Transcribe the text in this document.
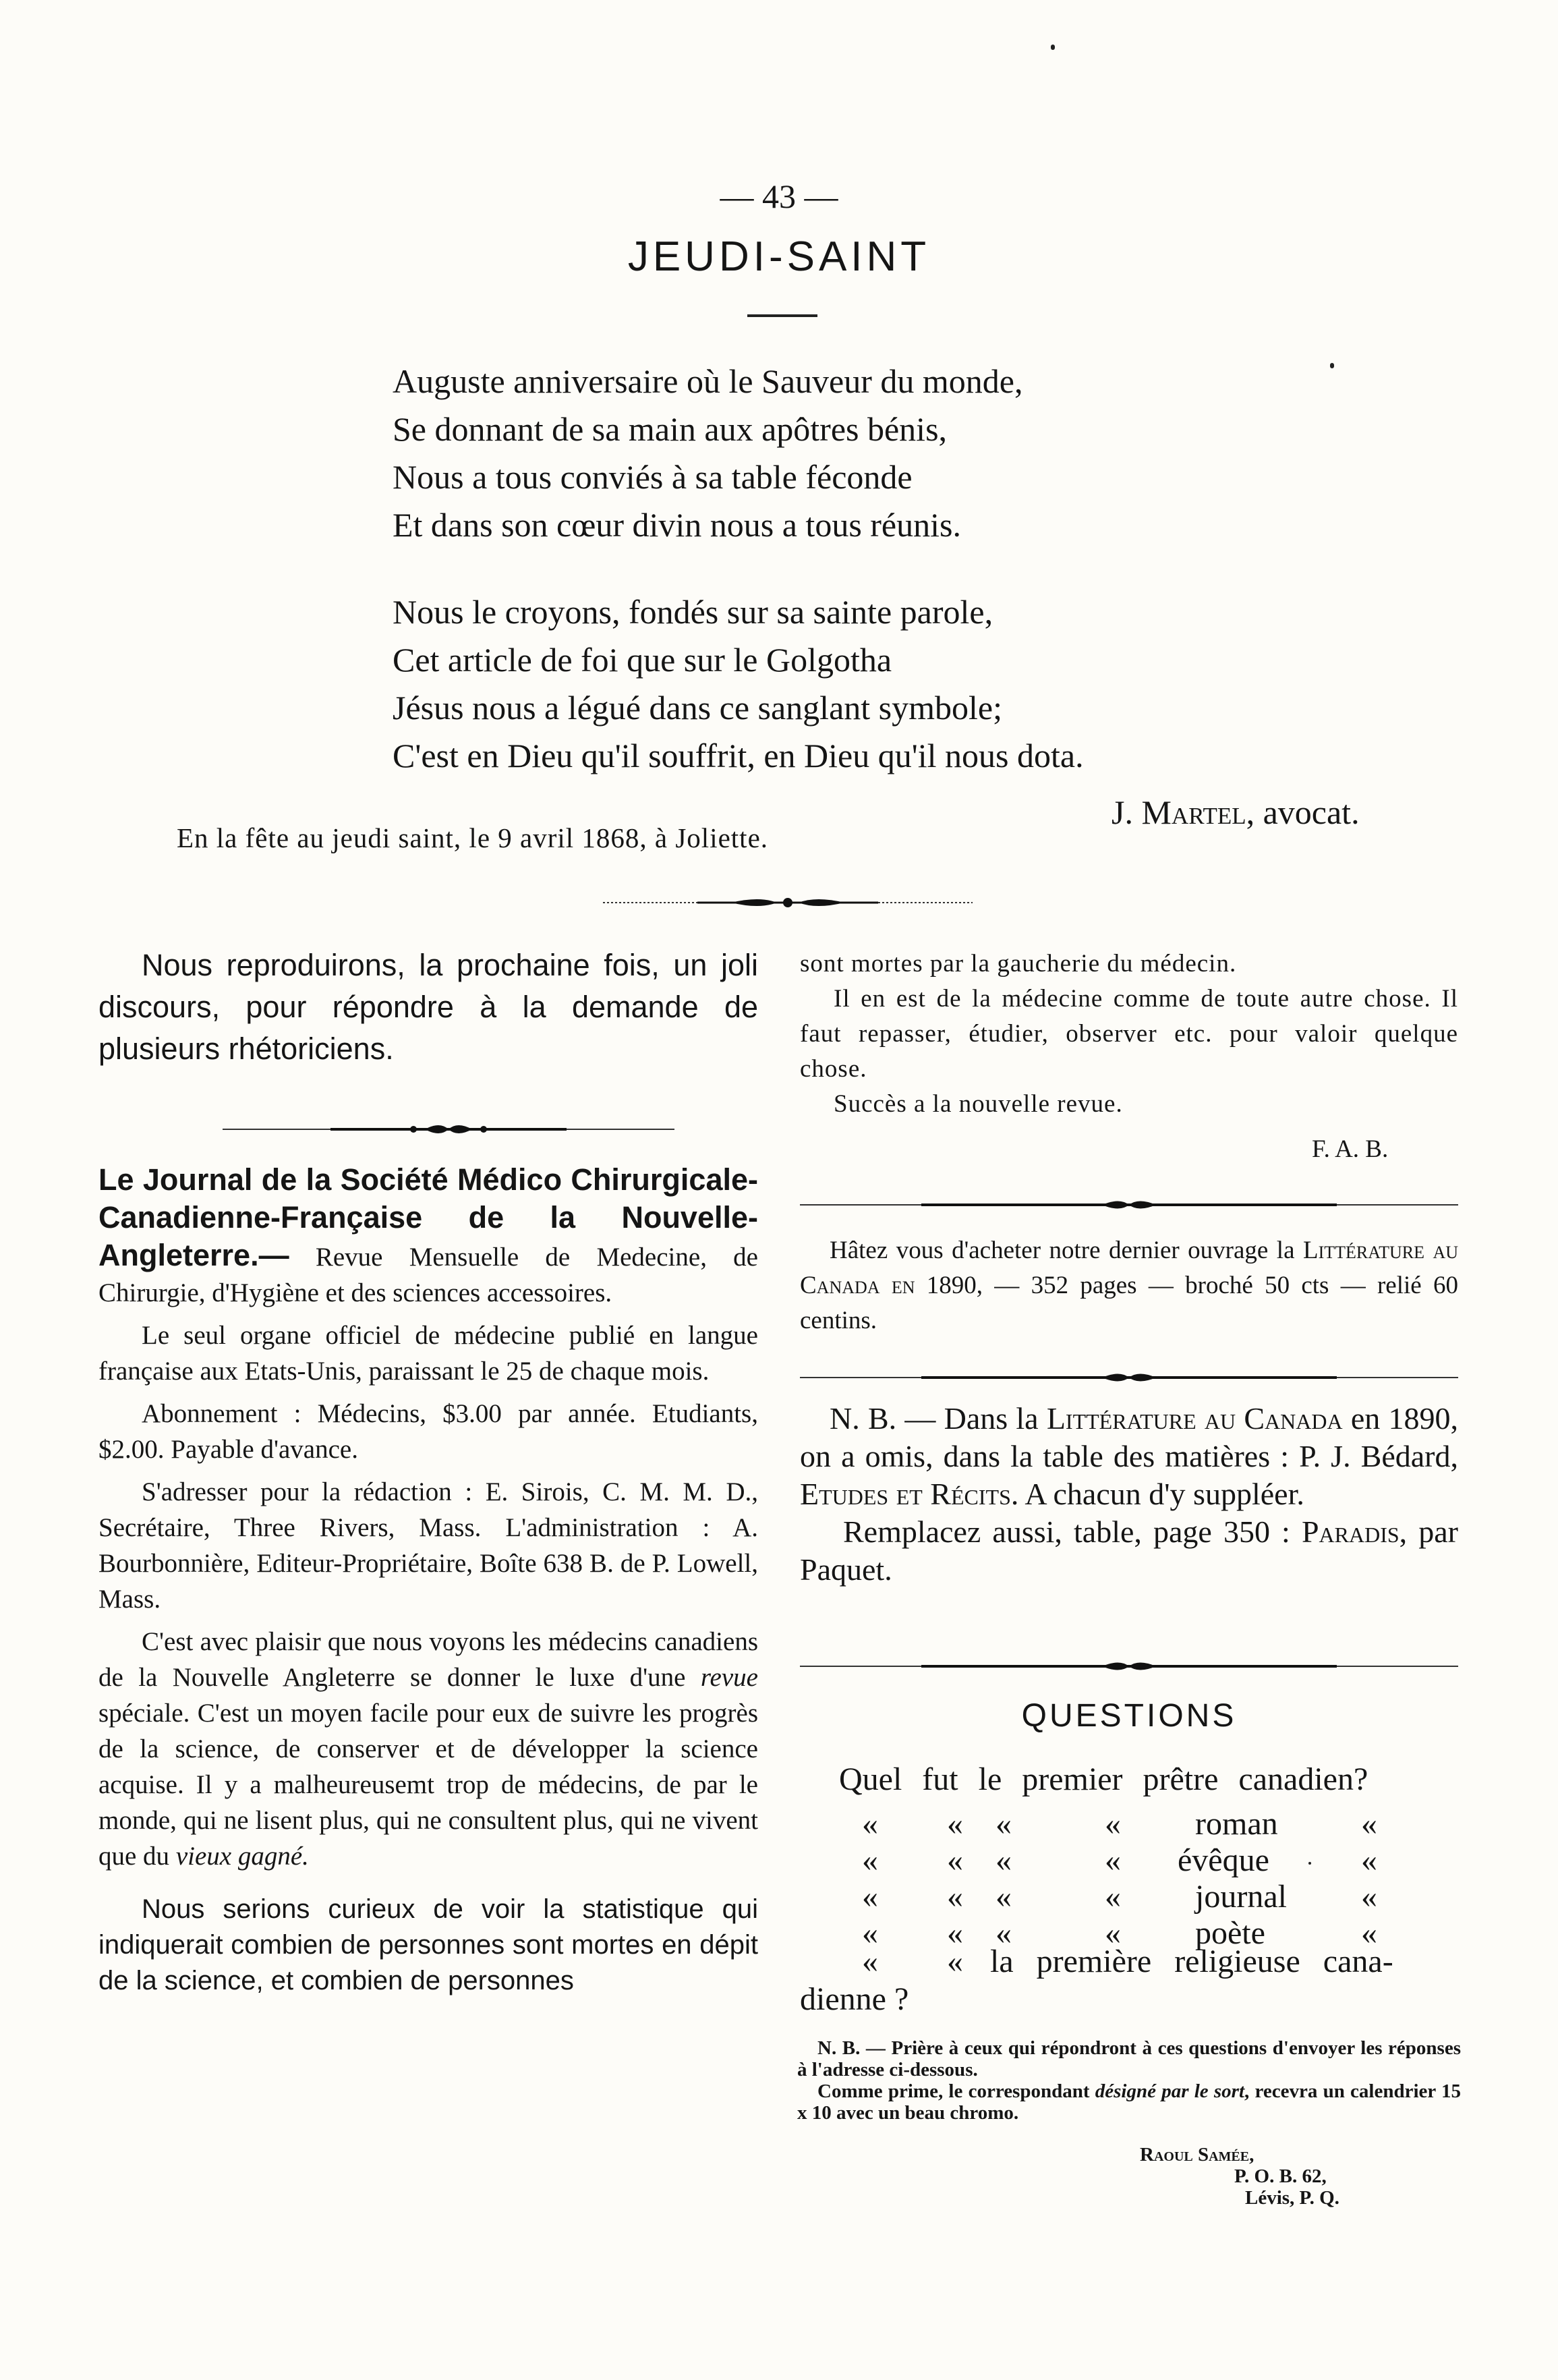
— 43 —
JEUDI-SAINT
Auguste anniversaire où le Sauveur du monde,
Se donnant de sa main aux apôtres bénis,
Nous a tous conviés à sa table féconde
Et dans son cœur divin nous a tous réunis.
Nous le croyons, fondés sur sa sainte parole,
Cet article de foi que sur le Golgotha
Jésus nous a légué dans ce sanglant symbole;
C'est en Dieu qu'il souffrit, en Dieu qu'il nous dota.
J. Martel, avocat.
En la fête au jeudi saint, le 9 avril 1868, à Joliette.

Nous reproduirons, la prochaine fois, un joli discours, pour répondre à la demande de plusieurs rhétoriciens.

Le Journal de la Société Médico Chirurgicale-Canadienne-Française de la Nouvelle-Angleterre.— Revue Mensuelle de Medecine, de Chirurgie, d'Hygiène et des sciences accessoires.

Le seul organe officiel de médecine publié en langue française aux Etats-Unis, paraissant le 25 de chaque mois.

Abonnement : Médecins, $3.00 par année. Etudiants, $2.00. Payable d'avance.

S'adresser pour la rédaction : E. Sirois, C. M. M. D., Secrétaire, Three Rivers, Mass. L'administration : A. Bourbonnière, Editeur-Propriétaire, Boîte 638 B. de P. Lowell, Mass.

C'est avec plaisir que nous voyons les médecins canadiens de la Nouvelle Angleterre se donner le luxe d'une revue spéciale. C'est un moyen facile pour eux de suivre les progrès de la science, de conserver et de développer la science acquise. Il y a malheureusemt trop de médecins, de par le monde, qui ne lisent plus, qui ne consultent plus, qui ne vivent que du vieux gagné.

Nous serions curieux de voir la statistique qui indiquerait combien de personnes sont mortes en dépit de la science, et combien de personnes

sont mortes par la gaucherie du médecin.

Il en est de la médecine comme de toute autre chose. Il faut repasser, étudier, observer etc. pour valoir quelque chose.

Succès a la nouvelle revue.

F. A. B.

Hâtez vous d'acheter notre dernier ouvrage la Littérature au Canada en 1890, — 352 pages — broché 50 cts — relié 60 centins.

N. B. — Dans la Littérature au Canada en 1890, on a omis, dans la table des matières : P. J. Bédard, Etudes et Récits. A chacun d'y suppléer.

Remplacez aussi, table, page 350 : Paradis, par Paquet.

QUESTIONS
Quel fut le premier prêtre canadien?
« « «	« roman	«
« « «	« évêque	«
« « «	« journal «
« « «	« poète	«
« « la première religieuse cana-
dienne ?

N. B. — Prière à ceux qui répondront à ces questions d'envoyer les réponses à l'adresse ci-dessous.

Comme prime, le correspondant désigné par le sort, recevra un calendrier 15 x 10 avec un beau chromo.

Raoul Samée,
P. O. B. 62,
Lévis, P. Q.
